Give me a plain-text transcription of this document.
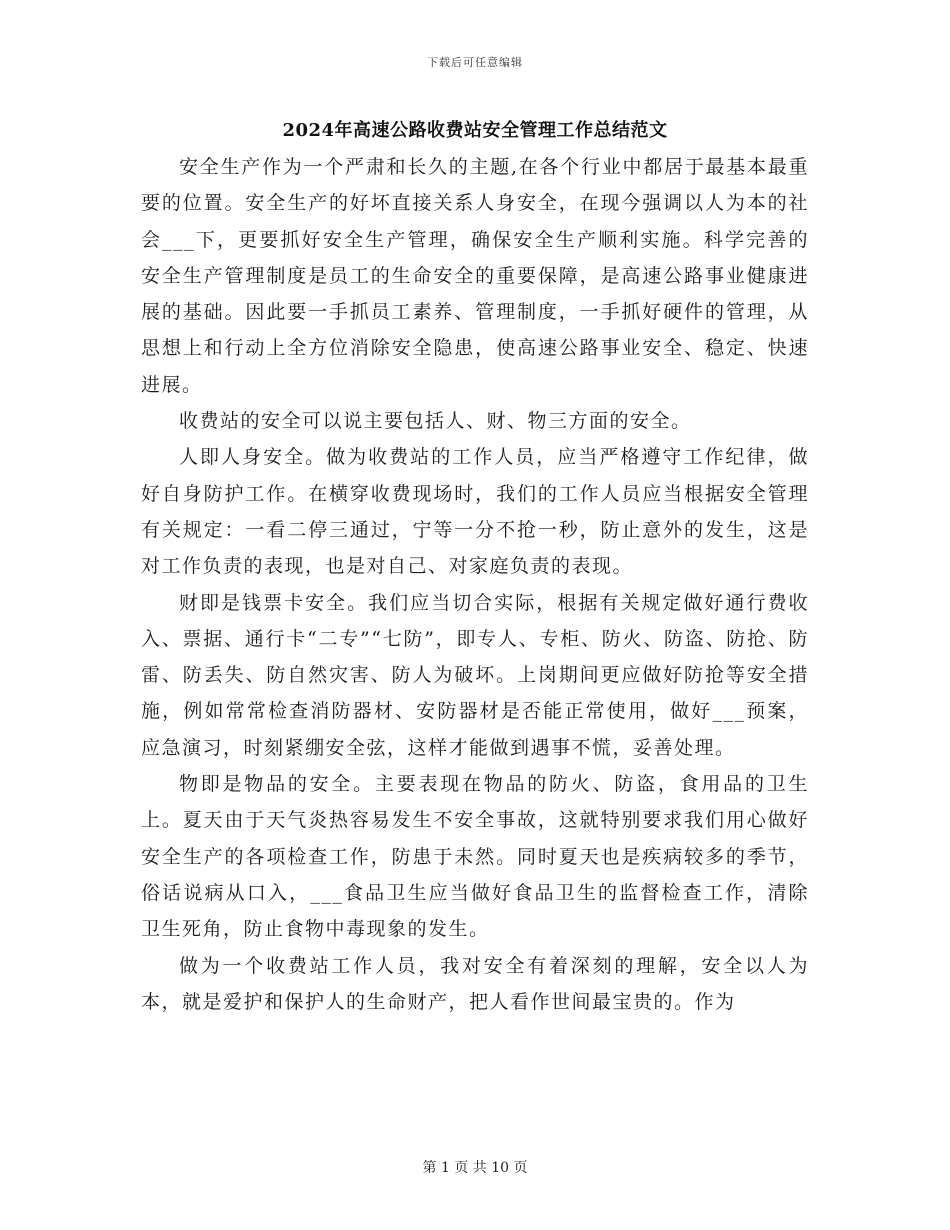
下载后可任意编辑
2024年高速公路收费站安全管理工作总结范文

安全生产作为一个严肃和长久的主题,在各个行业中都居于最基本最重要的位置。安全生产的好坏直接关系人身安全，在现今强调以人为本的社会___下，更要抓好安全生产管理，确保安全生产顺利实施。科学完善的安全生产管理制度是员工的生命安全的重要保障，是高速公路事业健康进展的基础。因此要一手抓员工素养、管理制度，一手抓好硬件的管理，从思想上和行动上全方位消除安全隐患，使高速公路事业安全、稳定、快速进展。

收费站的安全可以说主要包括人、财、物三方面的安全。

人即人身安全。做为收费站的工作人员，应当严格遵守工作纪律，做好自身防护工作。在横穿收费现场时，我们的工作人员应当根据安全管理有关规定：一看二停三通过，宁等一分不抢一秒，防止意外的发生，这是对工作负责的表现，也是对自己、对家庭负责的表现。

财即是钱票卡安全。我们应当切合实际，根据有关规定做好通行费收入、票据、通行卡“二专”“七防”，即专人、专柜、防火、防盗、防抢、防雷、防丢失、防自然灾害、防人为破坏。上岗期间更应做好防抢等安全措施，例如常常检查消防器材、安防器材是否能正常使用，做好___预案，应急演习，时刻紧绷安全弦，这样才能做到遇事不慌，妥善处理。

物即是物品的安全。主要表现在物品的防火、防盗，食用品的卫生上。夏天由于天气炎热容易发生不安全事故，这就特别要求我们用心做好安全生产的各项检查工作，防患于未然。同时夏天也是疾病较多的季节，俗话说病从口入，___食品卫生应当做好食品卫生的监督检查工作，清除卫生死角，防止食物中毒现象的发生。

做为一个收费站工作人员，我对安全有着深刻的理解，安全以人为本，就是爱护和保护人的生命财产，把人看作世间最宝贵的。作为

第 1 页 共 10 页
